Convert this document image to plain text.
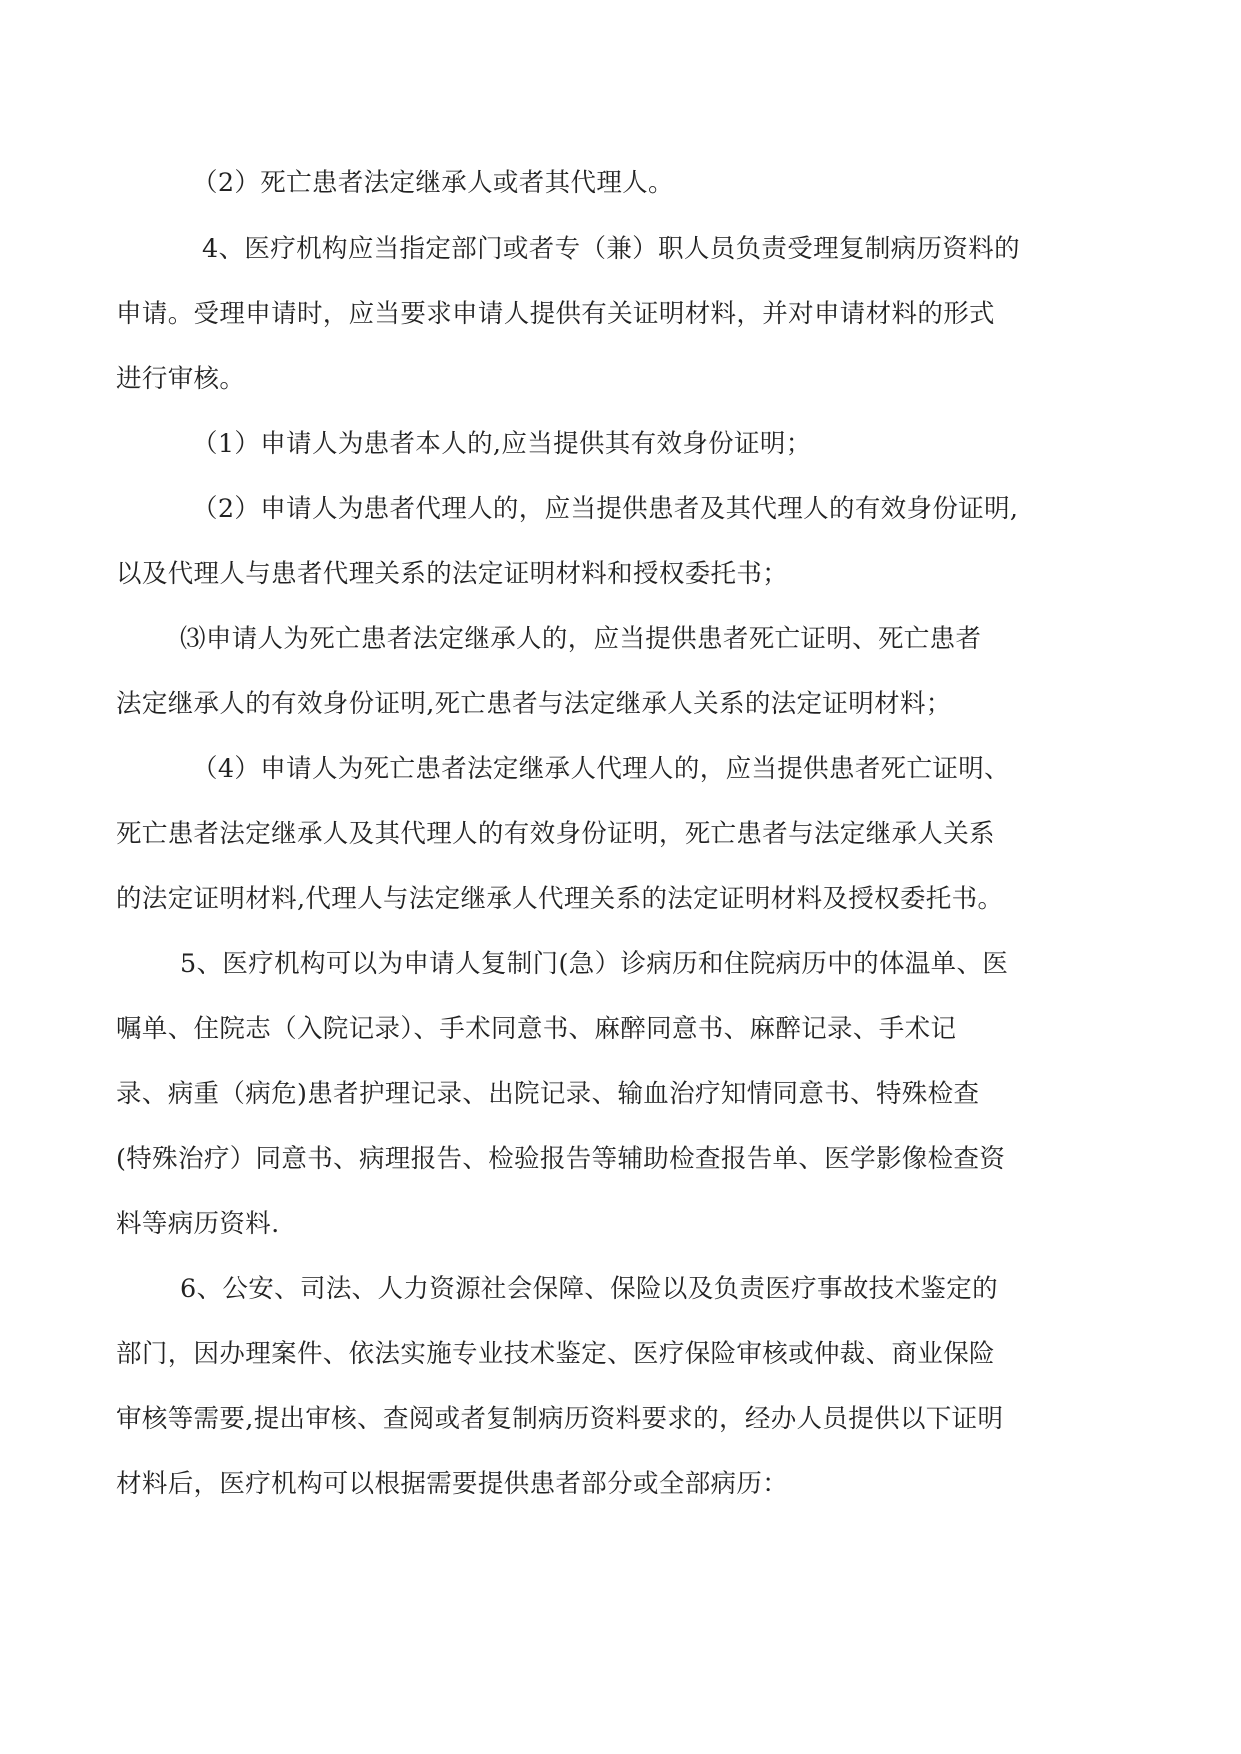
（2）死亡患者法定继承人或者其代理人。
4、医疗机构应当指定部门或者专（兼）职人员负责受理复制病历资料的
申请。受理申请时，应当要求申请人提供有关证明材料，并对申请材料的形式
进行审核。
（1）申请人为患者本人的,应当提供其有效身份证明；
（2）申请人为患者代理人的，应当提供患者及其代理人的有效身份证明,
以及代理人与患者代理关系的法定证明材料和授权委托书；
⑶申请人为死亡患者法定继承人的，应当提供患者死亡证明、死亡患者
法定继承人的有效身份证明,死亡患者与法定继承人关系的法定证明材料；
（4）申请人为死亡患者法定继承人代理人的，应当提供患者死亡证明、
死亡患者法定继承人及其代理人的有效身份证明，死亡患者与法定继承人关系
的法定证明材料,代理人与法定继承人代理关系的法定证明材料及授权委托书。
5、医疗机构可以为申请人复制门(急）诊病历和住院病历中的体温单、医
嘱单、住院志（入院记录）、手术同意书、麻醉同意书、麻醉记录、手术记
录、病重（病危)患者护理记录、出院记录、输血治疗知情同意书、特殊检查
(特殊治疗）同意书、病理报告、检验报告等辅助检查报告单、医学影像检查资
料等病历资料.
6、公安、司法、人力资源社会保障、保险以及负责医疗事故技术鉴定的
部门，因办理案件、依法实施专业技术鉴定、医疗保险审核或仲裁、商业保险
审核等需要,提出审核、查阅或者复制病历资料要求的，经办人员提供以下证明
材料后，医疗机构可以根据需要提供患者部分或全部病历：
